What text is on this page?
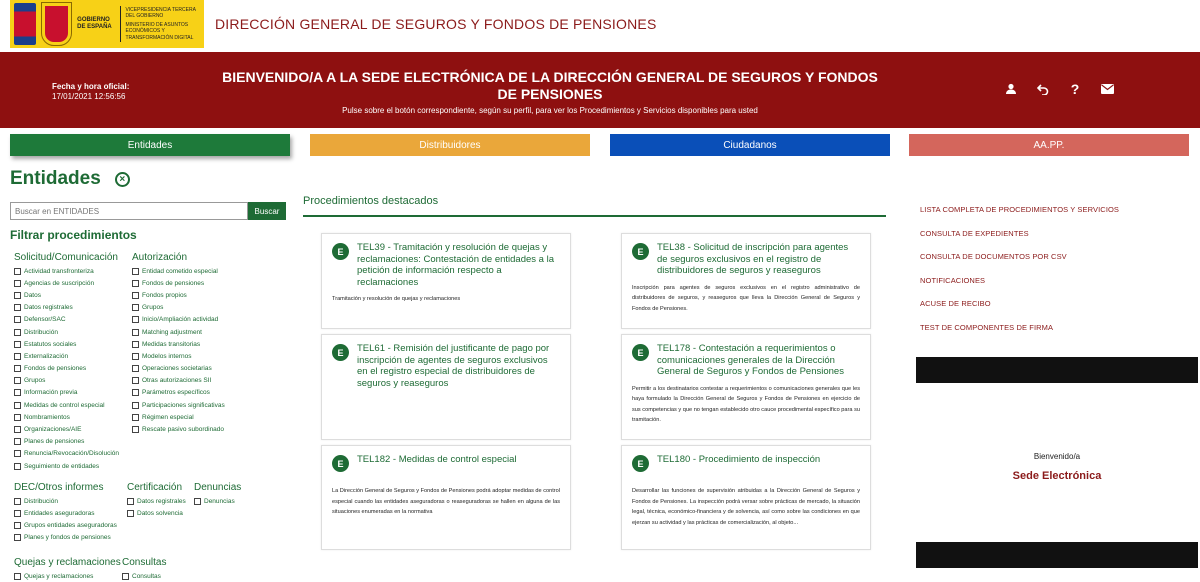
GOBIERNO DE ESPAÑA
VICEPRESIDENCIA TERCERA DEL GOBIERNO
MINISTERIO DE ASUNTOS ECONÓMICOS Y TRANSFORMACIÓN DIGITAL
DIRECCIÓN GENERAL DE SEGUROS Y FONDOS DE PENSIONES
Fecha y hora oficial:
17/01/2021 12:56:56
BIENVENIDO/A A LA SEDE ELECTRÓNICA DE LA DIRECCIÓN GENERAL DE SEGUROS Y FONDOS DE PENSIONES
Pulse sobre el botón correspondiente, según su perfil, para ver los Procedimientos y Servicios disponibles para usted
?
Entidades	Distribuidores	Ciudadanos	AA.PP.
Entidades	×
Buscar en ENTIDADES
Buscar
Filtrar procedimientos
Solicitud/Comunicación
Actividad transfronteriza
Agencias de suscripción
Datos
Datos registrales
Defensor/SAC
Distribución
Estatutos sociales
Externalización
Fondos de pensiones
Grupos
Información previa
Medidas de control especial
Nombramientos
Organizaciones/AIE
Planes de pensiones
Renuncia/Revocación/Disolución
Seguimiento de entidades
Autorización
Entidad cometido especial
Fondos de pensiones
Fondos propios
Grupos
Inicio/Ampliación actividad
Matching adjustment
Medidas transitorias
Modelos internos
Operaciones societarias
Otras autorizaciones SII
Parámetros específicos
Participaciones significativas
Régimen especial
Rescate pasivo subordinado
DEC/Otros informes
Distribución
Entidades aseguradoras
Grupos entidades aseguradoras
Planes y fondos de pensiones
Certificación
Datos registrales
Datos solvencia
Denuncias
Denuncias
Quejas y reclamaciones
Quejas y reclamaciones
Consultas
Consultas
Procedimientos destacados
E	TEL39 - Tramitación y resolución de quejas y reclamaciones: Contestación de entidades a la petición de información respecto a reclamaciones
Tramitación y resolución de quejas y reclamaciones
E	TEL38 - Solicitud de inscripción para agentes de seguros exclusivos en el registro de distribuidores de seguros y reaseguros
Inscripción para agentes de seguros exclusivos en el registro administrativo de distribuidores de seguros, y reaseguros que lleva la Dirección General de Seguros y Fondos de Pensiones.
E	TEL61 - Remisión del justificante de pago por inscripción de agentes de seguros exclusivos en el registro especial de distribuidores de seguros y reaseguros
E	TEL178 - Contestación a requerimientos o comunicaciones generales de la Dirección General de Seguros y Fondos de Pensiones
Permitir a los destinatarios contestar a requerimientos o comunicaciones generales que les haya formulado la Dirección General de Seguros y Fondos de Pensiones en ejercicio de sus competencias y que no tengan establecido otro cauce procedimental específico para su tramitación.
E	TEL182 - Medidas de control especial
La Dirección General de Seguros y Fondos de Pensiones podrá adoptar medidas de control especial cuando las entidades aseguradoras o reaseguradoras se hallen en alguna de las situaciones enumeradas en la normativa
E	TEL180 - Procedimiento de inspección
Desarrollar las funciones de supervisión atribuidas a la Dirección General de Seguros y Fondos de Pensiones. La inspección podrá versar sobre prácticas de mercado, la situación legal, técnica, económico-financiera y de solvencia, así como sobre las condiciones en que ejerzan su actividad y las prácticas de comercialización, al objeto...
LISTA COMPLETA DE PROCEDIMIENTOS Y SERVICIOS
CONSULTA DE EXPEDIENTES
CONSULTA DE DOCUMENTOS POR CSV
NOTIFICACIONES
ACUSE DE RECIBO
TEST DE COMPONENTES DE FIRMA
Bienvenido/a
Sede Electrónica
